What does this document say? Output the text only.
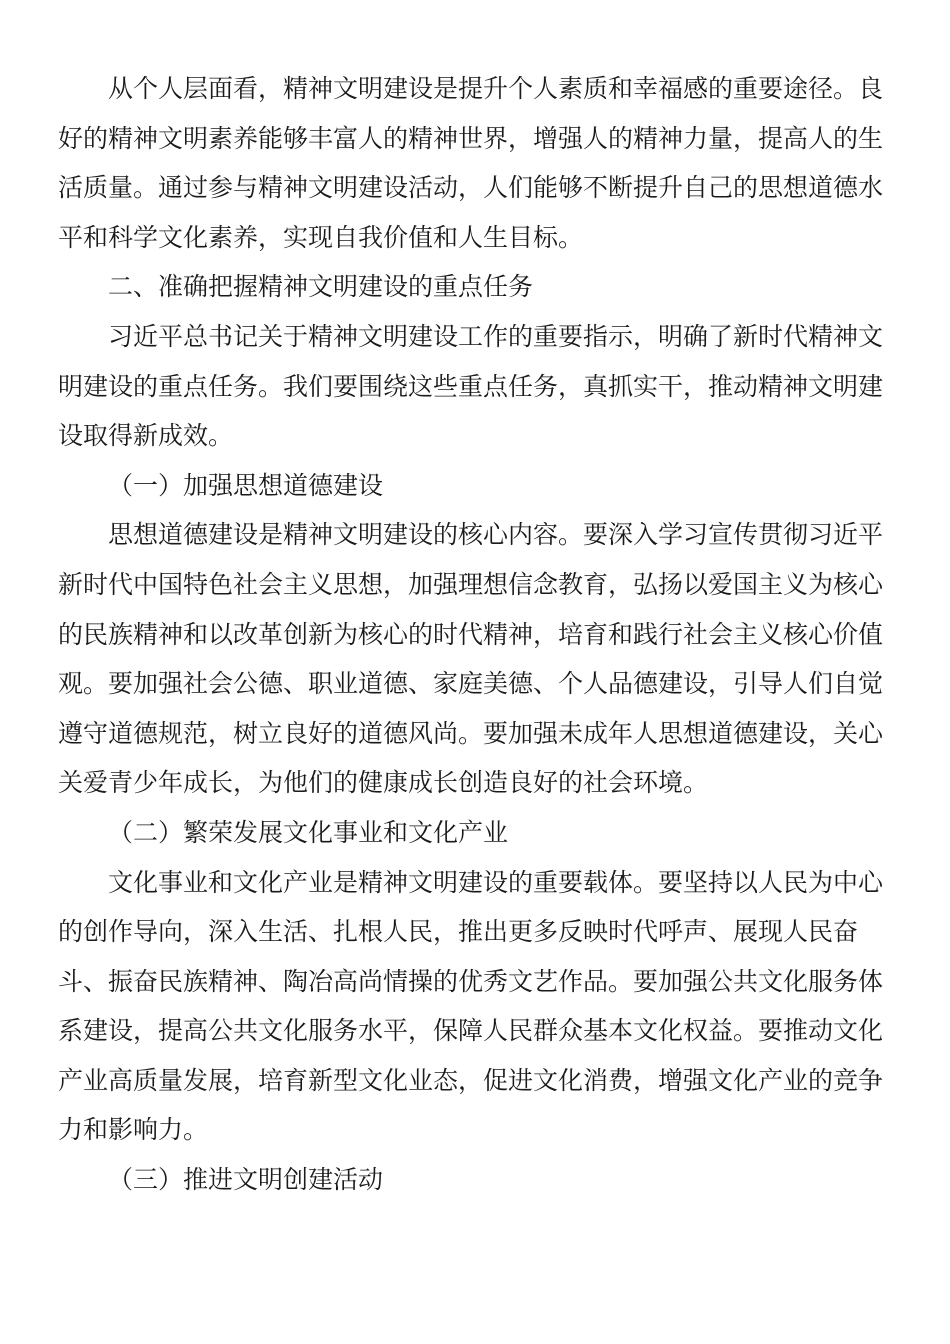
从个人层面看，精神文明建设是提升个人素质和幸福感的重要途径。良
好的精神文明素养能够丰富人的精神世界，增强人的精神力量，提高人的生
活质量。通过参与精神文明建设活动，人们能够不断提升自己的思想道德水
平和科学文化素养，实现自我价值和人生目标。

二、准确把握精神文明建设的重点任务

习近平总书记关于精神文明建设工作的重要指示，明确了新时代精神文
明建设的重点任务。我们要围绕这些重点任务，真抓实干，推动精神文明建
设取得新成效。

（一）加强思想道德建设

思想道德建设是精神文明建设的核心内容。要深入学习宣传贯彻习近平
新时代中国特色社会主义思想，加强理想信念教育，弘扬以爱国主义为核心
的民族精神和以改革创新为核心的时代精神，培育和践行社会主义核心价值
观。要加强社会公德、职业道德、家庭美德、个人品德建设，引导人们自觉
遵守道德规范，树立良好的道德风尚。要加强未成年人思想道德建设，关心
关爱青少年成长，为他们的健康成长创造良好的社会环境。

（二）繁荣发展文化事业和文化产业

文化事业和文化产业是精神文明建设的重要载体。要坚持以人民为中心
的创作导向，深入生活、扎根人民，推出更多反映时代呼声、展现人民奋
斗、振奋民族精神、陶冶高尚情操的优秀文艺作品。要加强公共文化服务体
系建设，提高公共文化服务水平，保障人民群众基本文化权益。要推动文化
产业高质量发展，培育新型文化业态，促进文化消费，增强文化产业的竞争
力和影响力。

（三）推进文明创建活动
